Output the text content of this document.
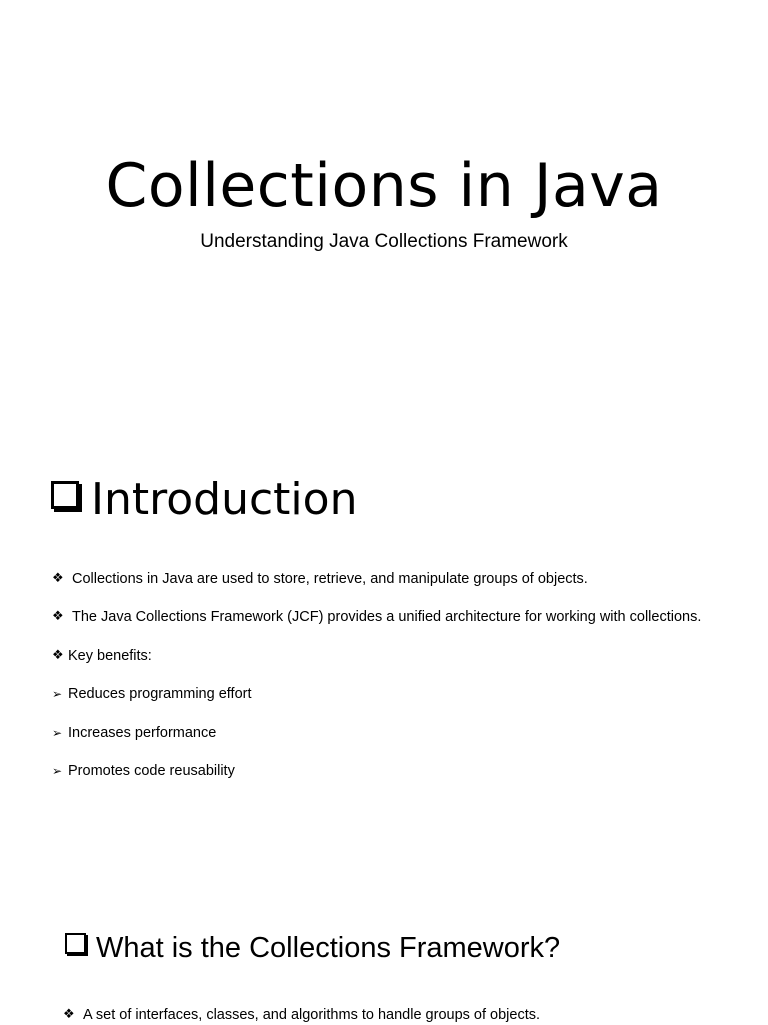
Collections in Java
Understanding Java Collections Framework
Introduction
❖ Collections in Java are used to store, retrieve, and manipulate groups of objects.
❖ The Java Collections Framework (JCF) provides a unified architecture for working with collections.
❖ Key benefits:
➢ Reduces programming effort
➢ Increases performance
➢ Promotes code reusability
What is the Collections Framework?
❖ A set of interfaces, classes, and algorithms to handle groups of objects.
